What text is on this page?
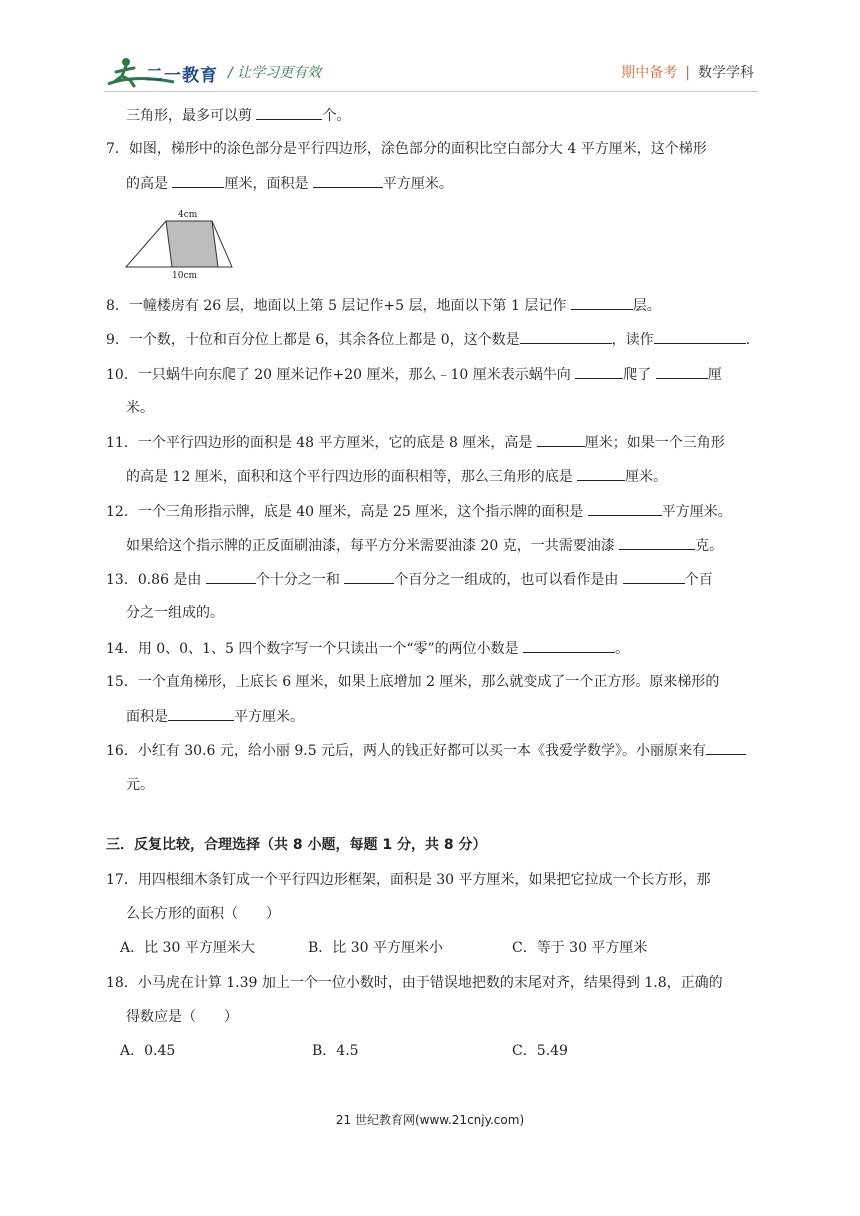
二一教育 / 让学习更有效	期中备考 | 数学学科
三角形，最多可以剪	个。
7．如图，梯形中的涂色部分是平行四边形，涂色部分的面积比空白部分大 4 平方厘米，这个梯形
的高是	厘米，面积是	平方厘米。
4cm
10cm
8．一幢楼房有 26 层，地面以上第 5 层记作+5 层，地面以下第 1 层记作	层。
9．一个数，十位和百分位上都是 6，其余各位上都是 0，这个数是	，读作	.
10．一只蜗牛向东爬了 20 厘米记作+20 厘米，那么﹣10 厘米表示蜗牛向	爬了	厘
米。
11．一个平行四边形的面积是 48 平方厘米，它的底是 8 厘米，高是	厘米；如果一个三角形
的高是 12 厘米，面积和这个平行四边形的面积相等，那么三角形的底是	厘米。
12．一个三角形指示牌，底是 40 厘米，高是 25 厘米，这个指示牌的面积是	平方厘米。
如果给这个指示牌的正反面刷油漆，每平方分米需要油漆 20 克，一共需要油漆	克。
13．0.86 是由	个十分之一和	个百分之一组成的，也可以看作是由	个百
分之一组成的。
14．用 0、0、1、5 四个数字写一个只读出一个“零”的两位小数是	。
15．一个直角梯形，上底长 6 厘米，如果上底增加 2 厘米，那么就变成了一个正方形。原来梯形的
面积是	平方厘米。
16．小红有 30.6 元，给小丽 9.5 元后，两人的钱正好都可以买一本《我爱学数学》。小丽原来有
元。
三．反复比较，合理选择（共 8 小题，每题 1 分，共 8 分）
17．用四根细木条钉成一个平行四边形框架，面积是 30 平方厘米，如果把它拉成一个长方形，那
么长方形的面积（　　）
A．比 30 平方厘米大	B．比 30 平方厘米小	C．等于 30 平方厘米
18．小马虎在计算 1.39 加上一个一位小数时，由于错误地把数的末尾对齐，结果得到 1.8，正确的
得数应是（　　）
A．0.45	B．4.5	C．5.49
21 世纪教育网(www.21cnjy.com)
